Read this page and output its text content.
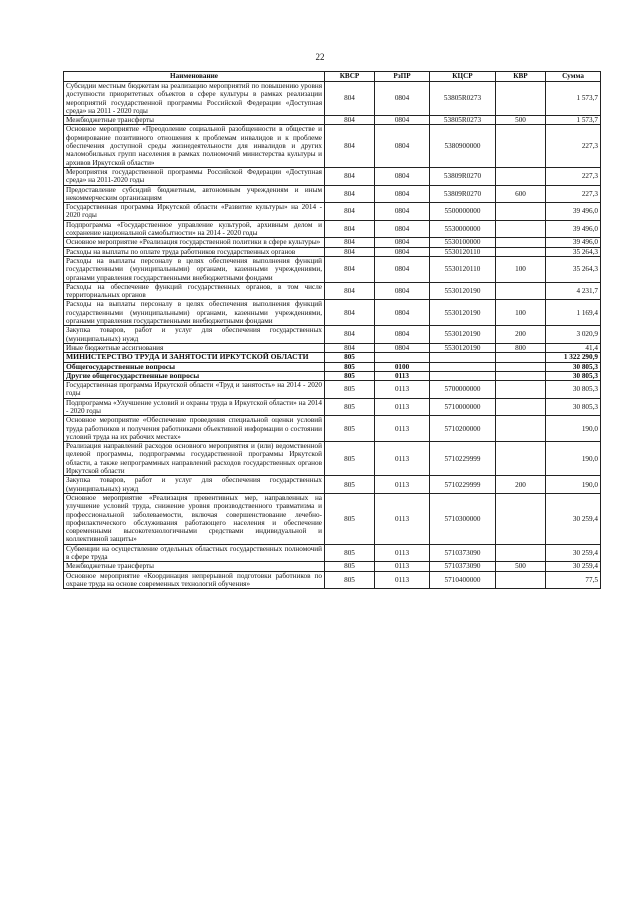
22
Наименование	КВСР	РзПР	КЦСР	КВР	Сумма
Субсидии местным бюджетам на реализацию мероприятий по повышению уровня доступности приоритетных объектов в сфере культуры в рамках реализации мероприятий государственной программы Российской Федерации «Доступная среда» на 2011 - 2020 годы	804	0804	53805R0273		1 573,7
Межбюджетные трансферты	804	0804	53805R0273	500	1 573,7
Основное мероприятие «Преодоление социальной разобщенности в обществе и формирование позитивного отношения к проблемам инвалидов и к проблеме обеспечения доступной среды жизнедеятельности для инвалидов и других маломобильных групп населения в рамках полномочий министерства культуры и архивов Иркутской области»	804	0804	5380900000		227,3
Мероприятия государственной программы Российской Федерации «Доступная среда» на 2011-2020 годы	804	0804	53809R0270		227,3
Предоставление субсидий бюджетным, автономным учреждениям и иным некоммерческим организациям	804	0804	53809R0270	600	227,3
Государственная программа Иркутской области «Развитие культуры» на 2014 - 2020 годы	804	0804	5500000000		39 496,0
Подпрограмма «Государственное управление культурой, архивным делом и сохранение национальной самобытности» на 2014 - 2020 годы	804	0804	5530000000		39 496,0
Основное мероприятие «Реализация государственной политики в сфере культуры»	804	0804	5530100000		39 496,0
Расходы на выплаты по оплате труда работников государственных органов	804	0804	5530120110		35 264,3
Расходы на выплаты персоналу в целях обеспечения выполнения функций государственными (муниципальными) органами, казенными учреждениями, органами управления государственными внебюджетными фондами	804	0804	5530120110	100	35 264,3
Расходы на обеспечение функций государственных органов, в том числе территориальных органов	804	0804	5530120190		4 231,7
Расходы на выплаты персоналу в целях обеспечения выполнения функций государственными (муниципальными) органами, казенными учреждениями, органами управления государственными внебюджетными фондами	804	0804	5530120190	100	1 169,4
Закупка товаров, работ и услуг для обеспечения государственных (муниципальных) нужд	804	0804	5530120190	200	3 020,9
Иные бюджетные ассигнования	804	0804	5530120190	800	41,4
МИНИСТЕРСТВО ТРУДА И ЗАНЯТОСТИ ИРКУТСКОЙ ОБЛАСТИ	805				1 322 290,9
Общегосударственные вопросы	805	0100			30 805,3
Другие общегосударственные вопросы	805	0113			30 805,3
Государственная программа Иркутской области «Труд и занятость» на 2014 - 2020 годы	805	0113	5700000000		30 805,3
Подпрограмма «Улучшение условий и охраны труда в Иркутской области» на 2014 - 2020 годы	805	0113	5710000000		30 805,3
Основное мероприятие «Обеспечение проведения специальной оценки условий труда работников и получения работниками объективной информации о состоянии условий труда на их рабочих местах»	805	0113	5710200000		190,0
Реализация направлений расходов основного мероприятия и (или) ведомственной целевой программы, подпрограммы государственной программы Иркутской области, а также непрограммных направлений расходов государственных органов Иркутской области	805	0113	5710229999		190,0
Закупка товаров, работ и услуг для обеспечения государственных (муниципальных) нужд	805	0113	5710229999	200	190,0
Основное мероприятие «Реализация превентивных мер, направленных на улучшение условий труда, снижение уровня производственного травматизма и профессиональной заболеваемости, включая совершенствование лечебно-профилактического обслуживания работающего населения и обеспечение современными высокотехнологичными средствами индивидуальной и коллективной защиты»	805	0113	5710300000		30 259,4
Субвенции на осуществление отдельных областных государственных полномочий в сфере труда	805	0113	5710373090		30 259,4
Межбюджетные трансферты	805	0113	5710373090	500	30 259,4
Основное мероприятие «Координация непрерывной подготовки работников по охране труда на основе современных технологий обучения»	805	0113	5710400000		77,5
